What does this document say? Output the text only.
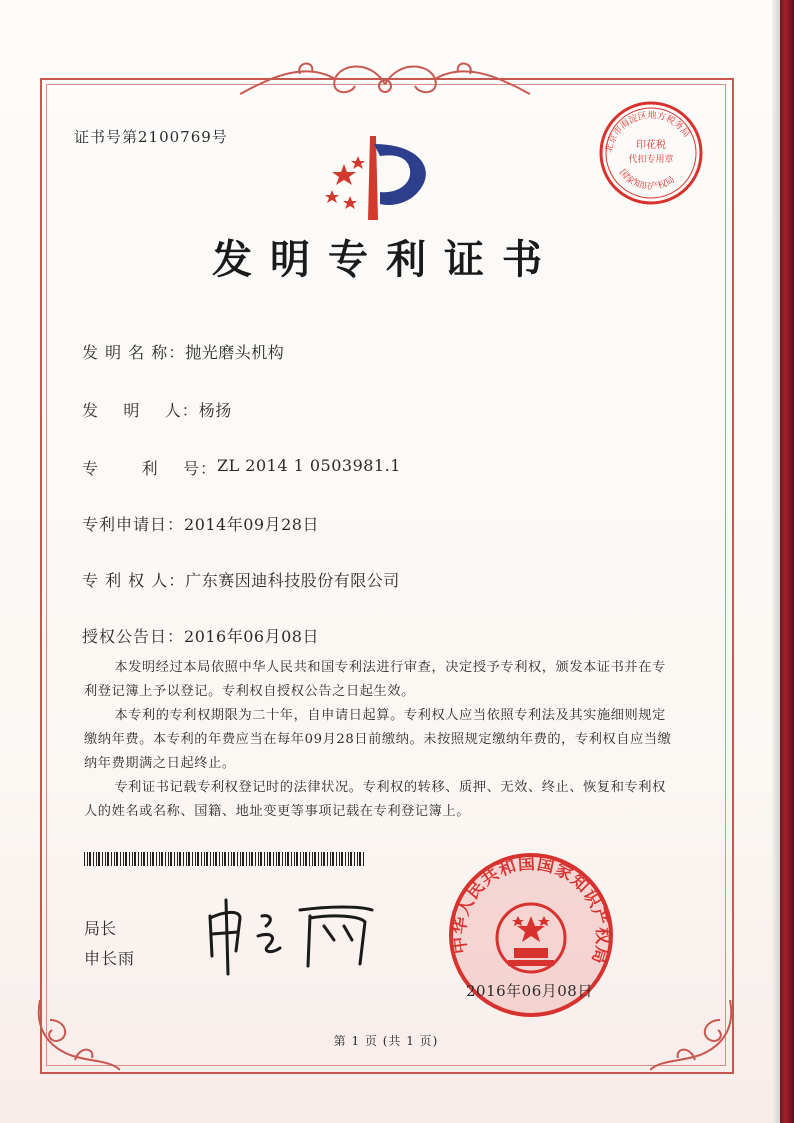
证书号第2100769号
北京市海淀区地方税务局
印花税
代扣专用章
国家知识产权局
发明专利证书
发 明 名 称： 抛光磨头机构
发    明    人： 杨扬
专       利    号： ZL 2014 1 0503981.1
专利申请日： 2014年09月28日
专 利 权 人： 广东赛因迪科技股份有限公司
授权公告日： 2016年06月08日

本发明经过本局依照中华人民共和国专利法进行审查，决定授予专利权，颁发本证书并在专利登记簿上予以登记。专利权自授权公告之日起生效。

本专利的专利权期限为二十年，自申请日起算。专利权人应当依照专利法及其实施细则规定缴纳年费。本专利的年费应当在每年09月28日前缴纳。未按照规定缴纳年费的，专利权自应当缴纳年费期满之日起终止。

专利证书记载专利权登记时的法律状况。专利权的转移、质押、无效、终止、恢复和专利权人的姓名或名称、国籍、地址变更等事项记载在专利登记簿上。

局长
申长雨
中华人民共和国国家知识产权局
2016年06月08日
第 1 页 (共 1 页)
